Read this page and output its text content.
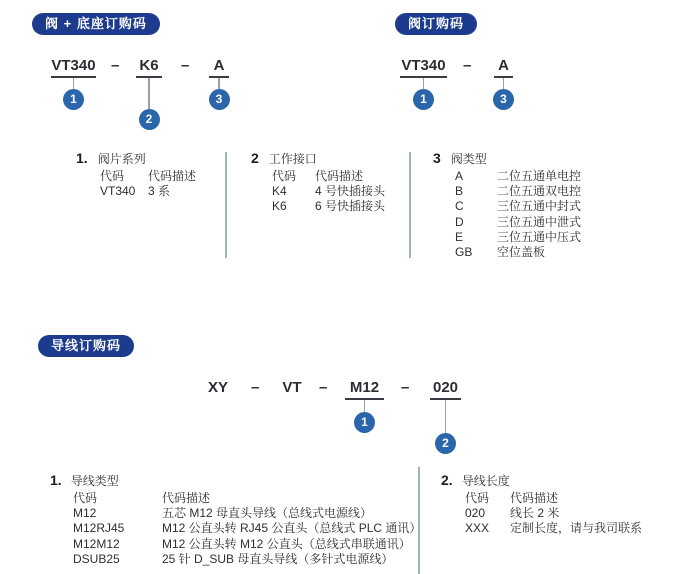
阀 + 底座订购码
VT340
1
– K6
2
– A
3
阀订购码
VT340
1
– A
3
1. 阀片系列
代码	代码描述
VT340	3 系
2 工作接口
代码	代码描述
K4	4 号快插接头
K6	6 号快插接头
3 阀类型
A	二位五通单电控
B	二位五通双电控
C	三位五通中封式
D	三位五通中泄式
E	三位五通中压式
GB	空位盖板
导线订购码
XY – VT – M12
1
– 020
2
1. 导线类型
代码	代码描述
M12	五芯 M12 母直头导线（总线式电源线）
M12RJ45	M12 公直头转 RJ45 公直头（总线式 PLC 通讯）
M12M12	M12 公直头转 M12 公直头（总线式串联通讯）
DSUB25	25 针 D_SUB 母直头导线（多针式电源线）
2. 导线长度
代码	代码描述
020	线长 2 米
XXX	定制长度，请与我司联系
